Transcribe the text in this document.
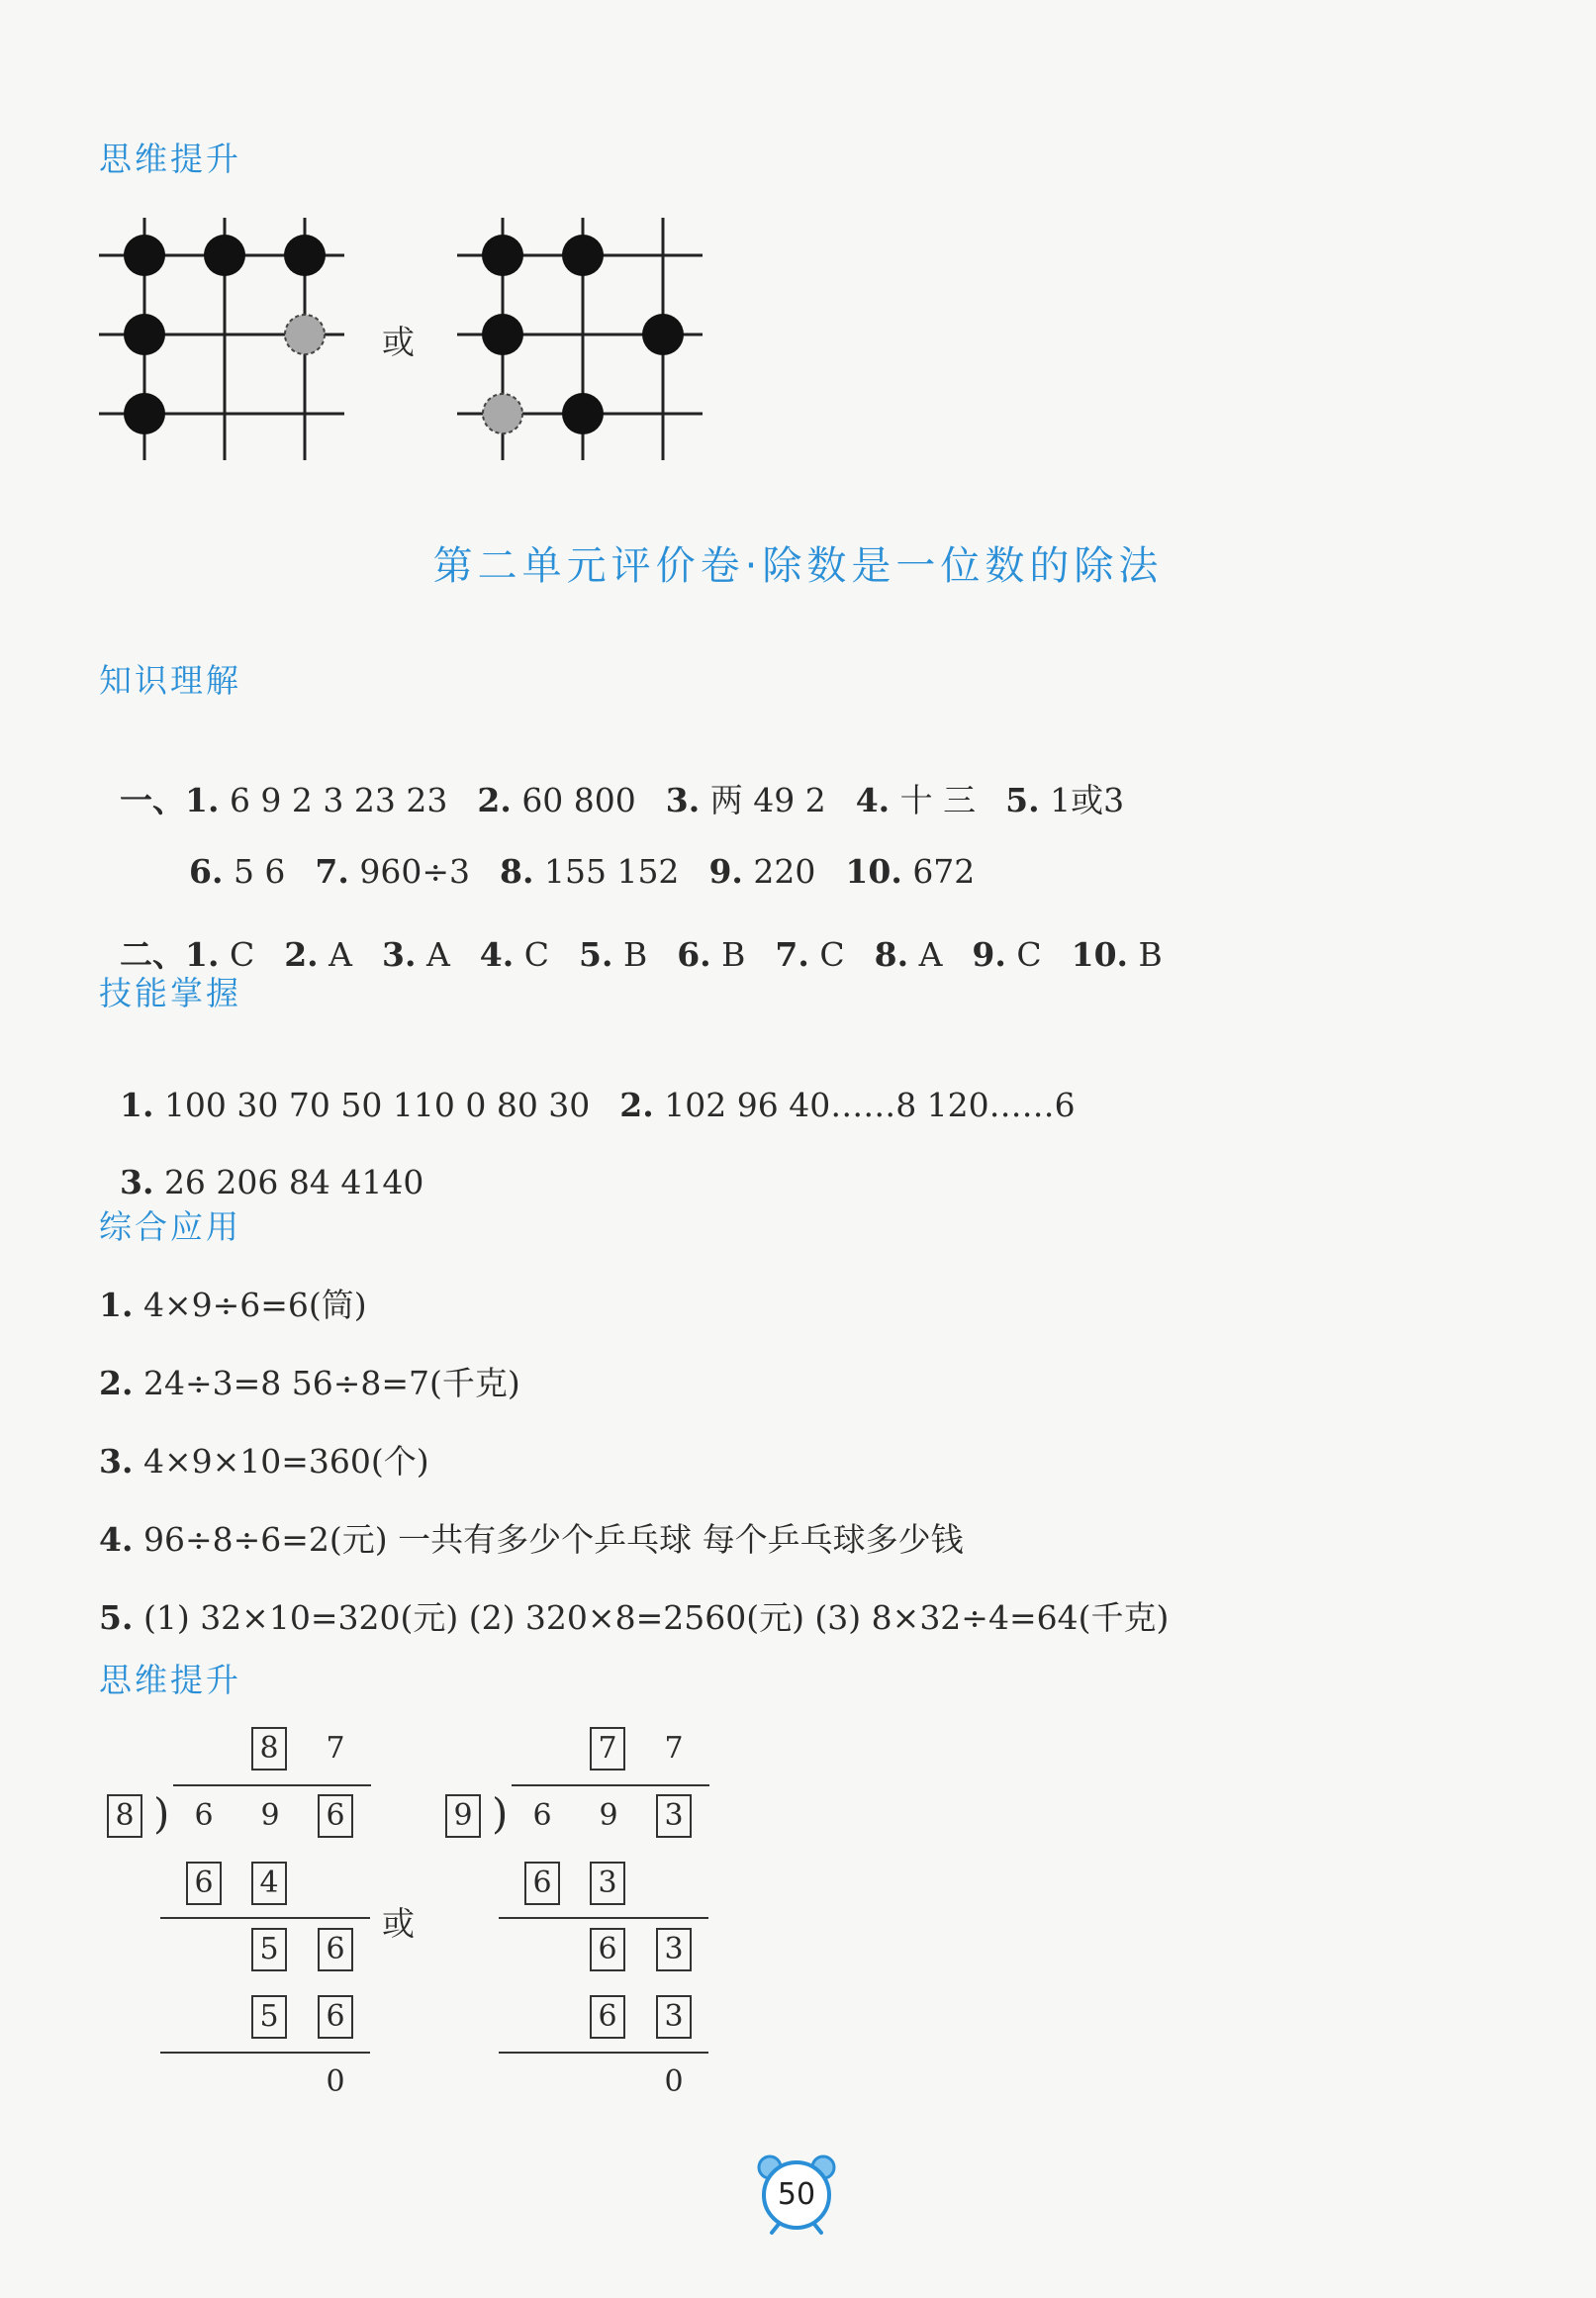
思维提升
或
第二单元评价卷·除数是一位数的除法
知识理解

一、1. 6 9 2 3 23 23 2. 60 800 3. 两 49 2 4. 十 三 5. 1或3

6. 5 6 7. 960÷3 8. 155 152 9. 220 10. 672

二、1. C 2. A 3. A 4. C 5. B 6. B 7. C 8. A 9. C 10. B

技能掌握

1. 100 30 70 50 110 0 80 30 2. 102 96 40……8 120……6

3. 26 206 84 4140

综合应用
1. 4×9÷6=6(筒)
2. 24÷3=8 56÷8=7(千克)
3. 4×9×10=360(个)
4. 96÷8÷6=2(元) 一共有多少个乒乓球 每个乒乓球多少钱
5. (1) 32×10=320(元) (2) 320×8=2560(元) (3) 8×32÷4=64(千克)
思维提升
8 7
8 ) 6 9 6
6 4
5 6
5 6
0
或
7 7
9 ) 6 9 3
6 3
6 3
6 3
0
50
